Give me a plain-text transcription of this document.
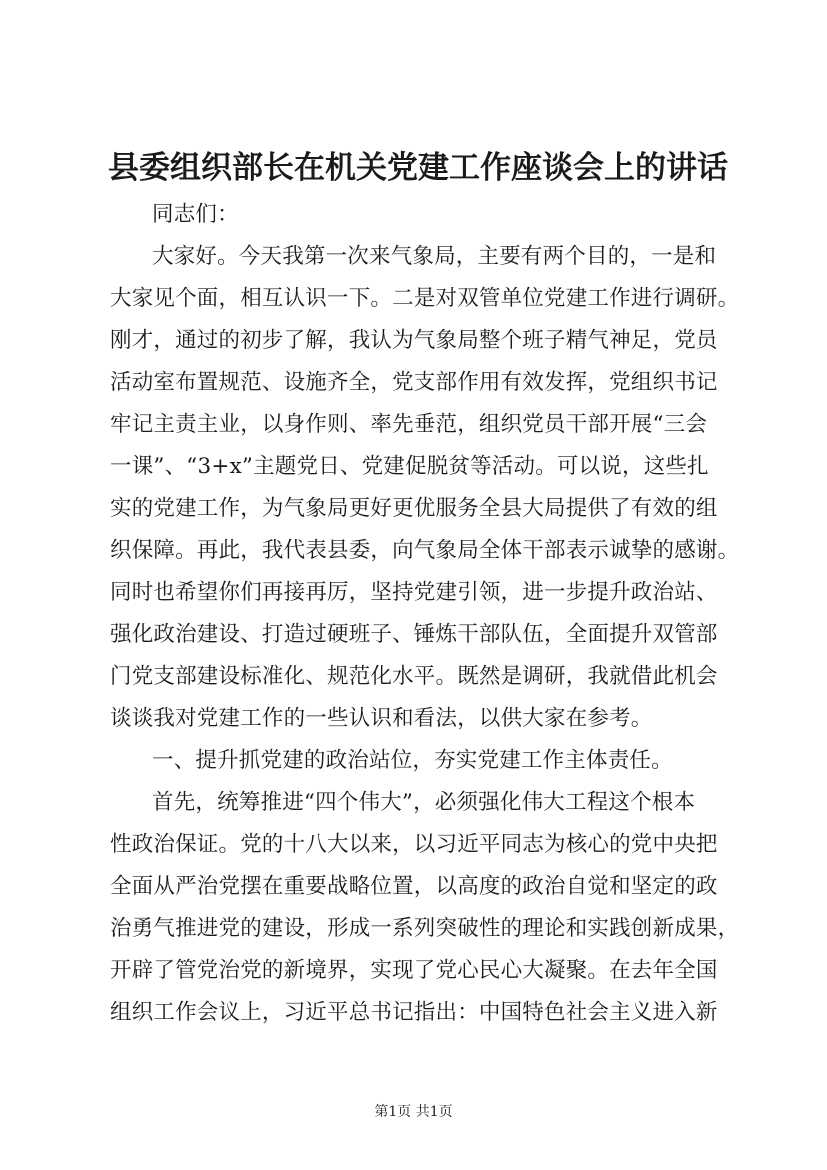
县委组织部长在机关党建工作座谈会上的讲话
同志们：
大家好。今天我第一次来气象局，主要有两个目的，一是和
大家见个面，相互认识一下。二是对双管单位党建工作进行调研。
刚才，通过的初步了解，我认为气象局整个班子精气神足，党员
活动室布置规范、设施齐全，党支部作用有效发挥，党组织书记
牢记主责主业，以身作则、率先垂范，组织党员干部开展“三会
一课”、“3+x”主题党日、党建促脱贫等活动。可以说，这些扎
实的党建工作，为气象局更好更优服务全县大局提供了有效的组
织保障。再此，我代表县委，向气象局全体干部表示诚挚的感谢。
同时也希望你们再接再厉，坚持党建引领，进一步提升政治站、
强化政治建设、打造过硬班子、锤炼干部队伍，全面提升双管部
门党支部建设标准化、规范化水平。既然是调研，我就借此机会
谈谈我对党建工作的一些认识和看法，以供大家在参考。
一、提升抓党建的政治站位，夯实党建工作主体责任。
首先，统筹推进“四个伟大”，必须强化伟大工程这个根本
性政治保证。党的十八大以来，以习近平同志为核心的党中央把
全面从严治党摆在重要战略位置，以高度的政治自觉和坚定的政
治勇气推进党的建设，形成一系列突破性的理论和实践创新成果，
开辟了管党治党的新境界，实现了党心民心大凝聚。在去年全国
组织工作会议上，习近平总书记指出：中国特色社会主义进入新
第1页 共1页
